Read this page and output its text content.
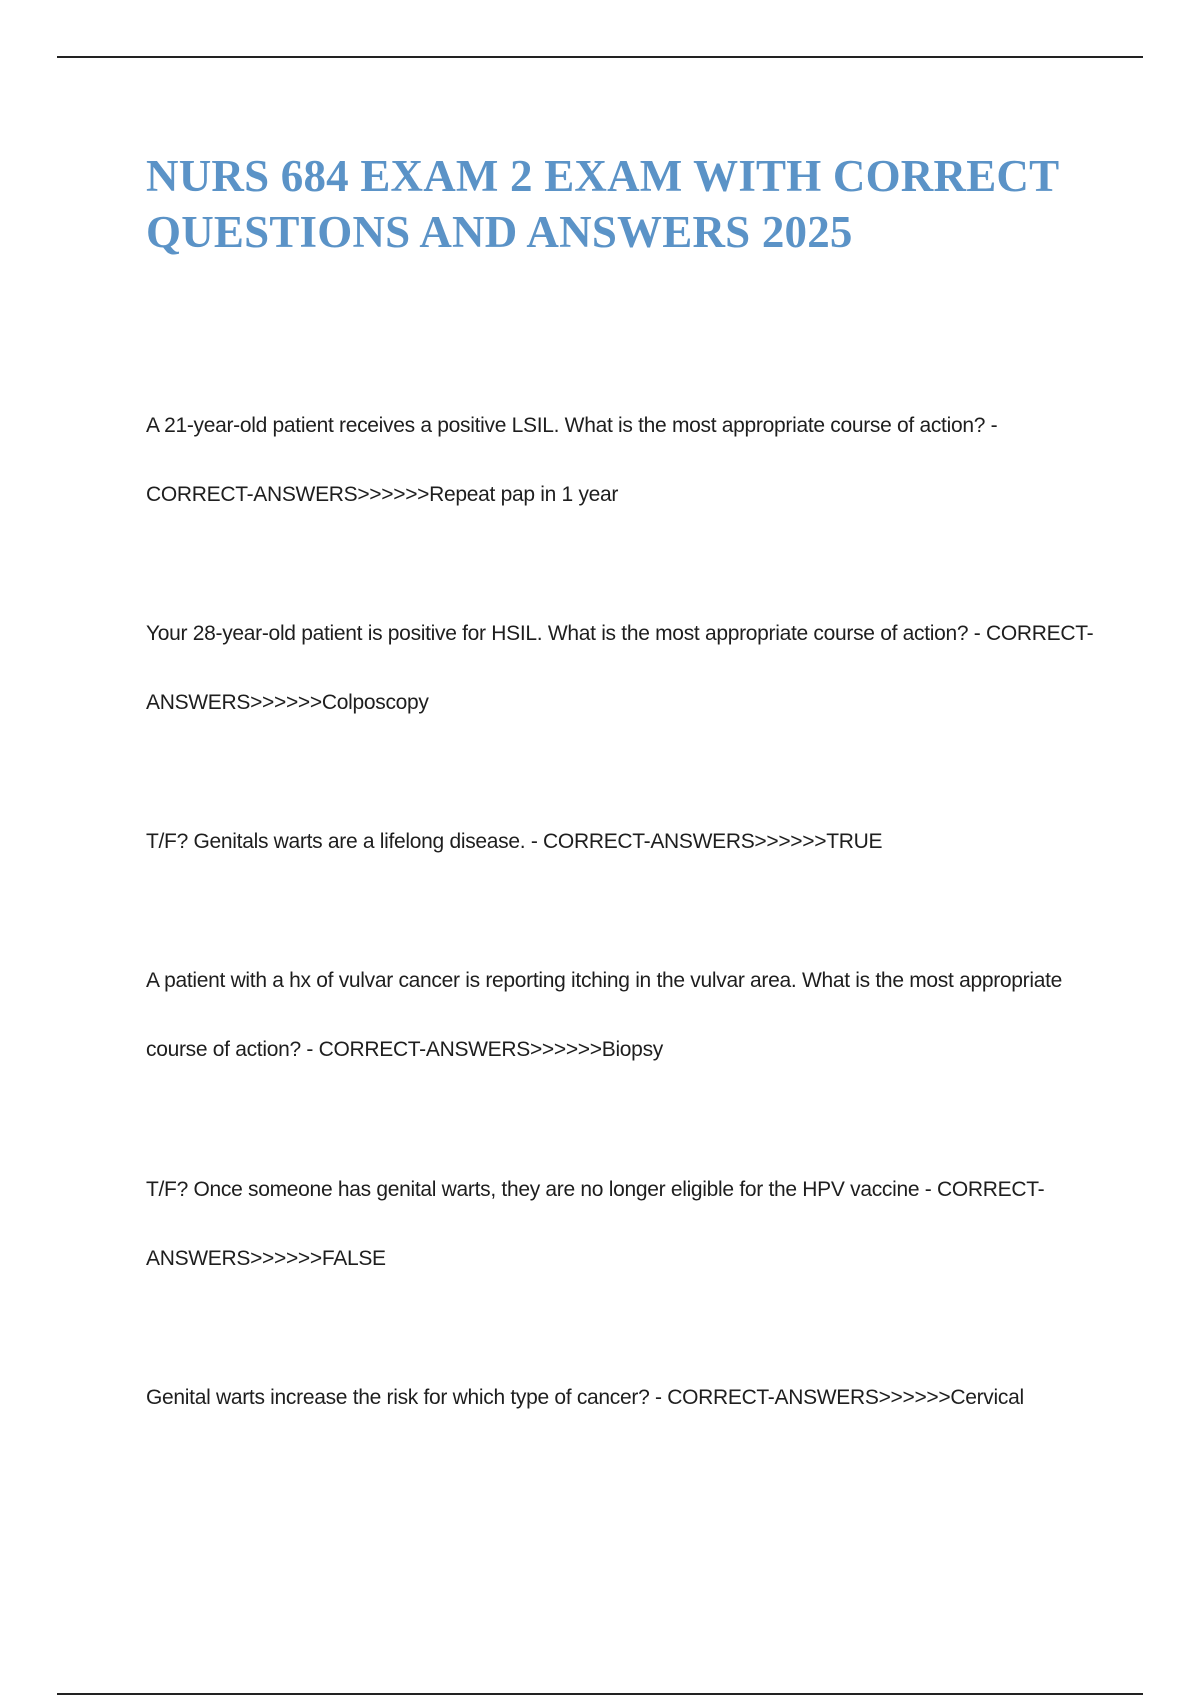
NURS 684 EXAM 2 EXAM WITH CORRECT QUESTIONS AND ANSWERS 2025

A 21-year-old patient receives a positive LSIL. What is the most appropriate course of action? - CORRECT-ANSWERS>>>>>>Repeat pap in 1 year

Your 28-year-old patient is positive for HSIL. What is the most appropriate course of action? - CORRECT-ANSWERS>>>>>>Colposcopy

T/F? Genitals warts are a lifelong disease. - CORRECT-ANSWERS>>>>>>TRUE

A patient with a hx of vulvar cancer is reporting itching in the vulvar area. What is the most appropriate course of action? - CORRECT-ANSWERS>>>>>>Biopsy

T/F? Once someone has genital warts, they are no longer eligible for the HPV vaccine - CORRECT-ANSWERS>>>>>>FALSE

Genital warts increase the risk for which type of cancer? - CORRECT-ANSWERS>>>>>>Cervical
